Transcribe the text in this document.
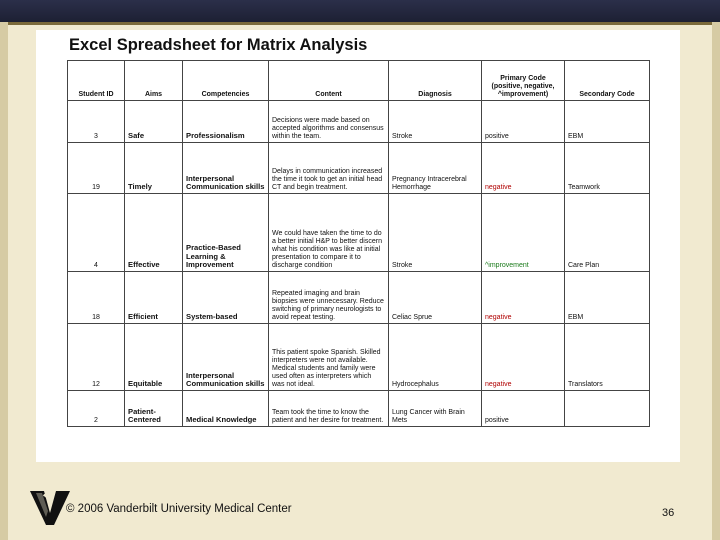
Excel Spreadsheet for Matrix Analysis
Student ID	Aims	Competencies	Content	Diagnosis	Primary Code (positive, negative, ^improvement)	Secondary Code
3	Safe	Professionalism	Decisions were made based on accepted algorithms and consensus within the team.	Stroke	positive	EBM
19	Timely	Interpersonal Communication skills	Delays in communication increased the time it took to get an initial head CT and begin treatment.	Pregnancy Intracerebral Hemorrhage	negative	Teamwork
4	Effective	Practice-Based Learning & Improvement	We could have taken the time to do a better initial H&P to better discern what his condition was like at initial presentation to compare it to discharge condition	Stroke	^improvement	Care Plan
18	Efficient	System-based	Repeated imaging and brain biopsies were unnecessary. Reduce switching of primary neurologists to avoid repeat testing.	Celiac Sprue	negative	EBM
12	Equitable	Interpersonal Communication skills	This patient spoke Spanish. Skilled interpreters were not available. Medical students and family were used often as interpreters which was not ideal.	Hydrocephalus	negative	Translators
2	Patient-Centered	Medical Knowledge	Team took the time to know the patient and her desire for treatment.	Lung Cancer with Brain Mets	positive	
© 2006 Vanderbilt University Medical Center	36
